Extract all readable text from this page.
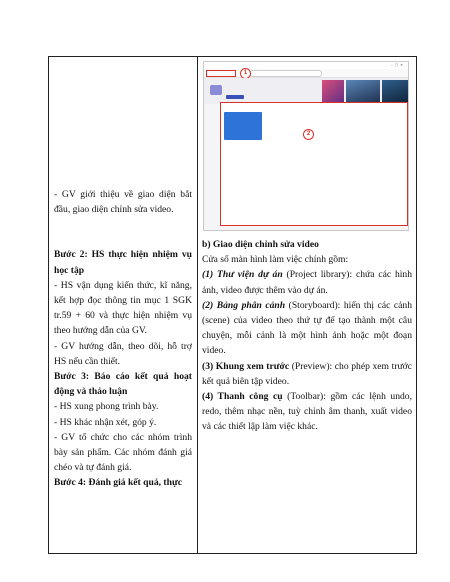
- GV giới thiệu về giao diện bắt đầu, giao diện chỉnh sửa video.

Bước 2: HS thực hiện nhiệm vụ học tập

- HS vận dụng kiến thức, kĩ năng, kết hợp đọc thông tin mục 1 SGK tr.59 + 60 và thực hiện nhiệm vụ theo hướng dẫn của GV.

- GV hướng dẫn, theo dõi, hỗ trợ HS nếu cần thiết.

Bước 3: Báo cáo kết quả hoạt động và thảo luận

- HS xung phong trình bày.

- HS khác nhận xét, góp ý.

- GV tổ chức cho các nhóm trình bày sản phẩm. Các nhóm đánh giá chéo và tự đánh giá.

Bước 4: Đánh giá kết quả, thực

–▢✕
1
2

b) Giao diện chỉnh sửa video

Cửa sổ màn hình làm việc chính gồm:

(1) Thư viện dự án (Project library): chứa các hình ảnh, video được thêm vào dự án.

(2) Bảng phân cảnh (Storyboard): hiển thị các cảnh (scene) của video theo thứ tự để tạo thành một câu chuyện, mỗi cảnh là một hình ảnh hoặc một đoạn video.

(3) Khung xem trước (Preview): cho phép xem trước kết quả biên tập video.

(4) Thanh công cụ (Toolbar): gồm các lệnh undo, redo, thêm nhạc nền, tuỳ chỉnh âm thanh, xuất video và các thiết lập làm việc khác.
